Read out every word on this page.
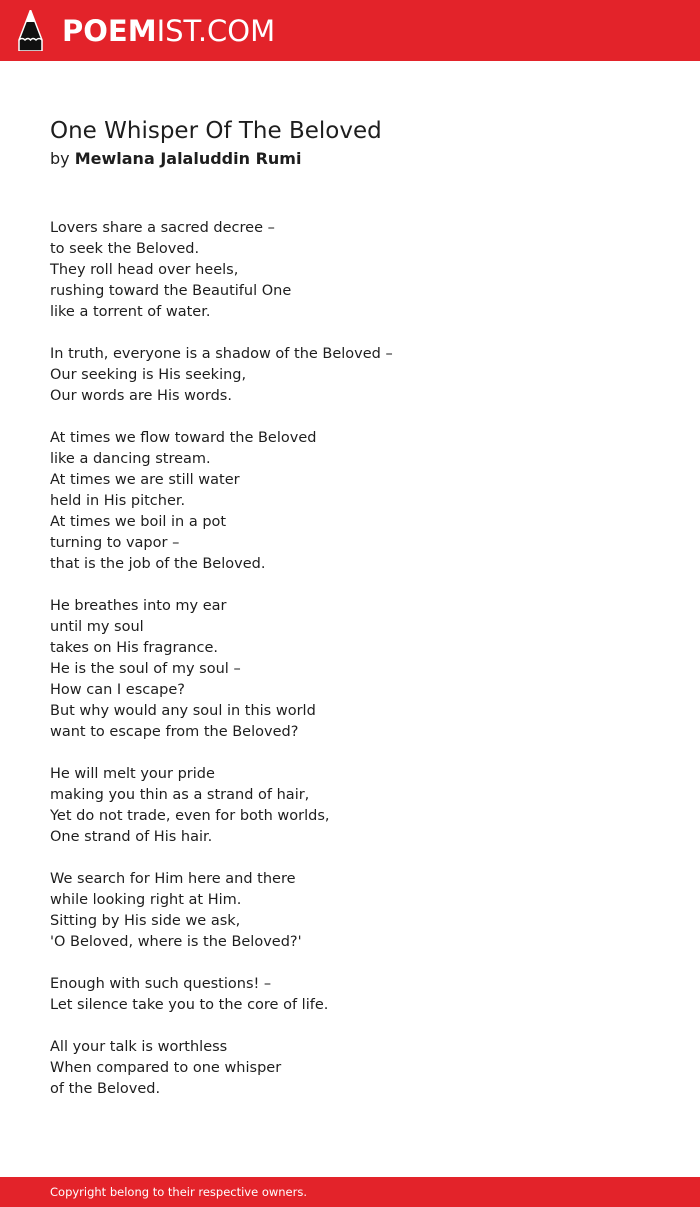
POEMIST.COM
One Whisper Of The Beloved
by Mewlana Jalaluddin Rumi
Lovers share a sacred decree –
to seek the Beloved.
They roll head over heels,
rushing toward the Beautiful One
like a torrent of water.
In truth, everyone is a shadow of the Beloved –
Our seeking is His seeking,
Our words are His words.
At times we flow toward the Beloved
like a dancing stream.
At times we are still water
held in His pitcher.
At times we boil in a pot
turning to vapor –
that is the job of the Beloved.
He breathes into my ear
until my soul
takes on His fragrance.
He is the soul of my soul –
How can I escape?
But why would any soul in this world
want to escape from the Beloved?
He will melt your pride
making you thin as a strand of hair,
Yet do not trade, even for both worlds,
One strand of His hair.
We search for Him here and there
while looking right at Him.
Sitting by His side we ask,
'O Beloved, where is the Beloved?'
Enough with such questions! –
Let silence take you to the core of life.
All your talk is worthless
When compared to one whisper
of the Beloved.
Copyright belong to their respective owners.
